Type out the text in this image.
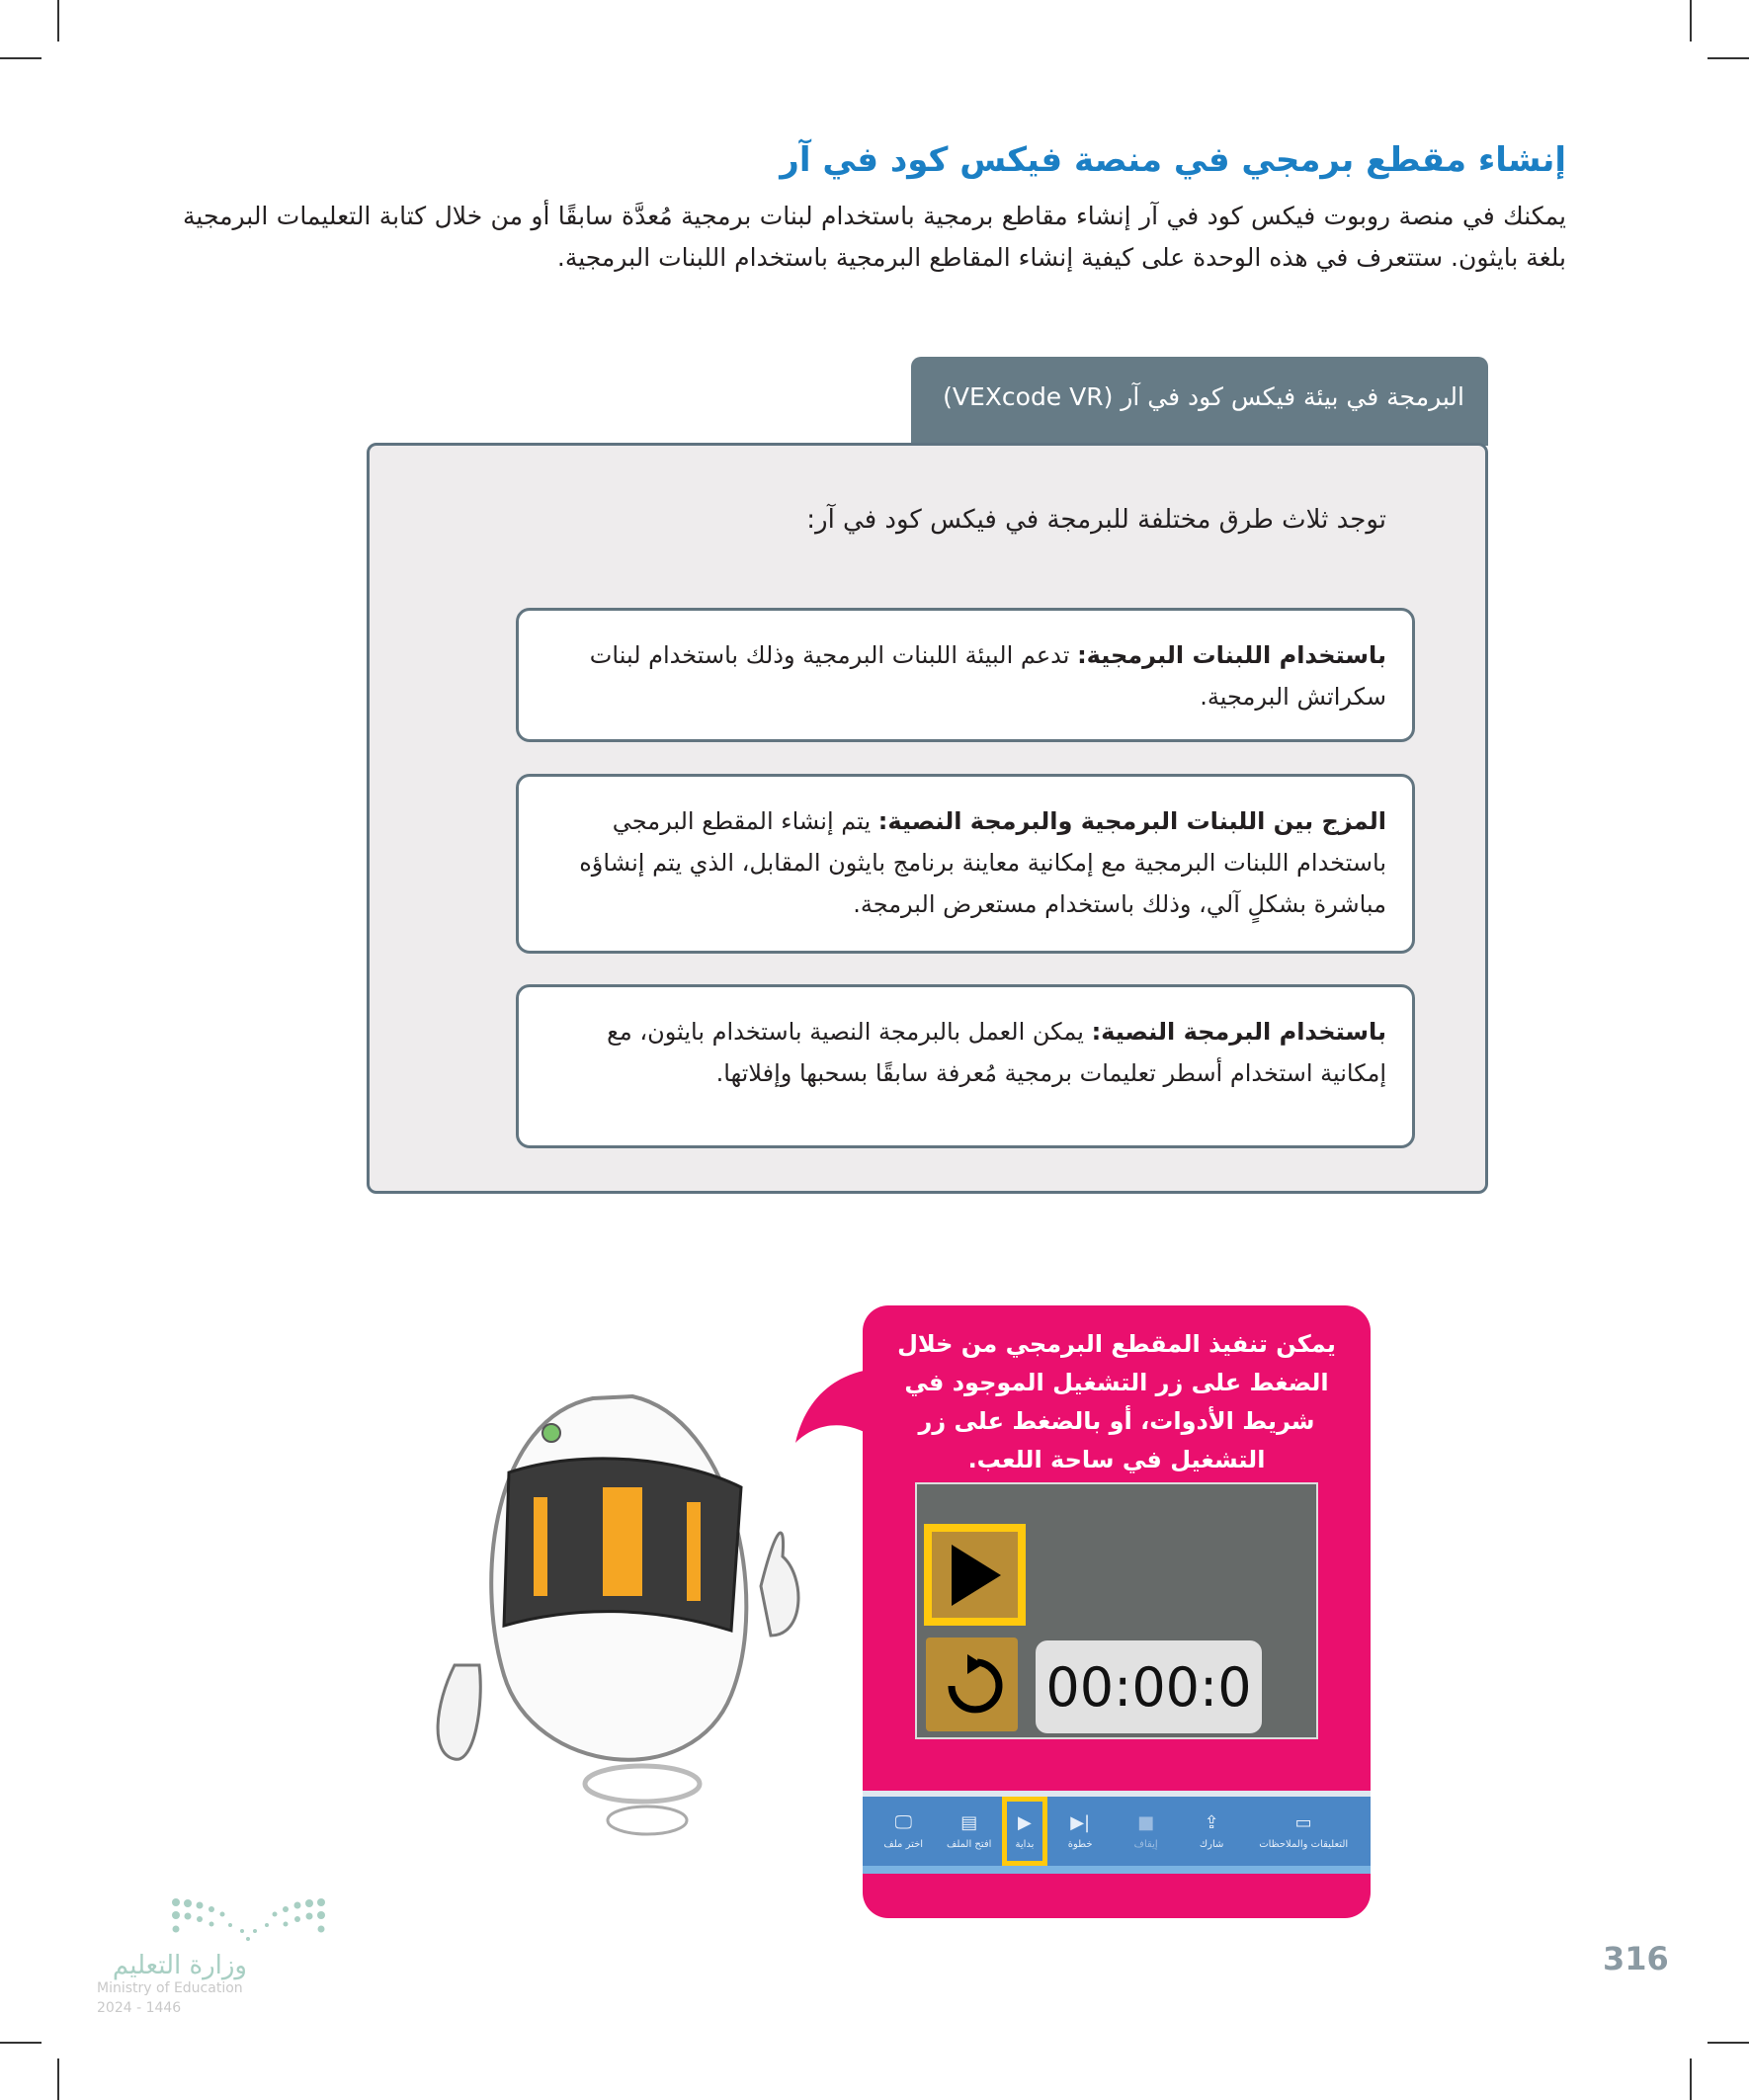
إنشاء مقطع برمجي في منصة فيكس كود في آر

يمكنك في منصة روبوت فيكس كود في آر إنشاء مقاطع برمجية باستخدام لبنات برمجية مُعدَّة سابقًا أو من خلال كتابة التعليمات البرمجية بلغة بايثون. ستتعرف في هذه الوحدة على كيفية إنشاء المقاطع البرمجية باستخدام اللبنات البرمجية.

البرمجة في بيئة فيكس كود في آر (VEXcode VR)
توجد ثلاث طرق مختلفة للبرمجة في فيكس كود في آر:
باستخدام اللبنات البرمجية: تدعم البيئة اللبنات البرمجية وذلك باستخدام لبنات سكراتش البرمجية.
المزج بين اللبنات البرمجية والبرمجة النصية: يتم إنشاء المقطع البرمجي باستخدام اللبنات البرمجية مع إمكانية معاينة برنامج بايثون المقابل، الذي يتم إنشاؤه مباشرة بشكلٍ آلي، وذلك باستخدام مستعرض البرمجة.
باستخدام البرمجة النصية: يمكن العمل بالبرمجة النصية باستخدام بايثون، مع إمكانية استخدام أسطر تعليمات برمجية مُعرفة سابقًا بسحبها وإفلاتها.
يمكن تنفيذ المقطع البرمجي من خلال الضغط على زر التشغيل الموجود في شريط الأدوات، أو بالضغط على زر التشغيل في ساحة اللعب.
00:00:0
▭
التعليقات والملاحظات
⇪
شارك
■
إيقاف
▶|
خطوة
▶
بداية
▤
افتح الملف
🖵
اختر ملف
وزارة التعليم
Ministry of Education
2024 - 1446
316
